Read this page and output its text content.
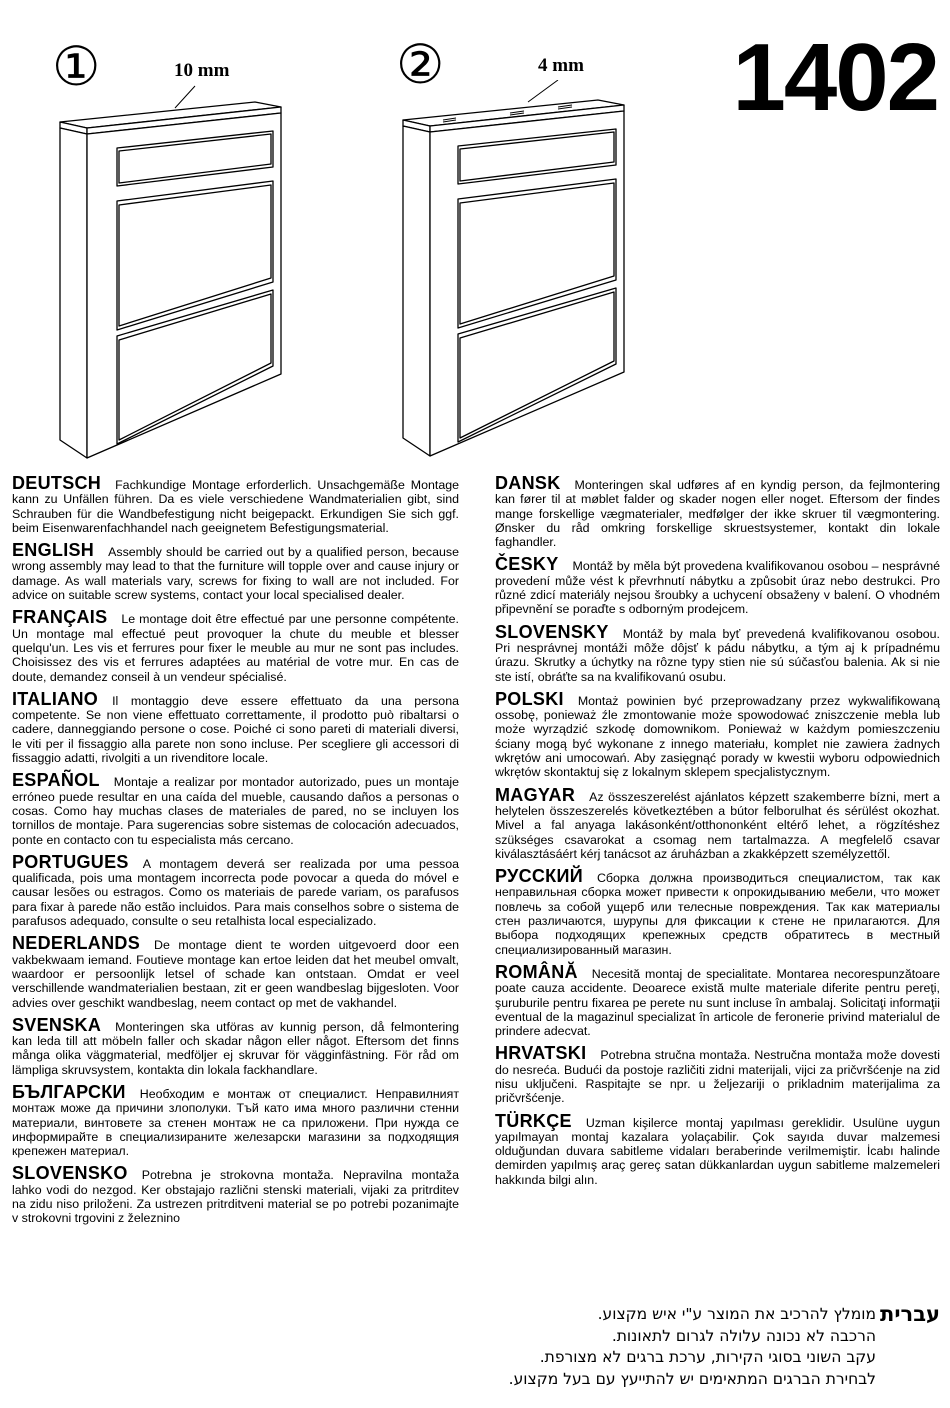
①	10 mm	②	4 mm 1402
DEUTSCH Fachkundige Montage erforderlich. Unsachgemäße Montage kann zu Unfällen führen. Da es viele verschiedene Wandmaterialien gibt, sind Schrauben für die Wandbefestigung nicht beigepackt. Erkundigen Sie sich ggf. beim Eisenwarenfachhandel nach geeignetem Befestigungsmaterial.
ENGLISH Assembly should be carried out by a qualified person, because wrong assembly may lead to that the furniture will topple over and cause injury or damage. As wall materials vary, screws for fixing to wall are not included. For advice on suitable screw systems, contact your local specialised dealer.
FRANÇAIS Le montage doit être effectué par une personne compétente. Un montage mal effectué peut provoquer la chute du meuble et blesser quelqu'un. Les vis et ferrures pour fixer le meuble au mur ne sont pas includes. Choisissez des vis et ferrures adaptées au matérial de votre mur. En cas de doute, demandez conseil à un vendeur spécialisé.
ITALIANO Il montaggio deve essere effettuato da una persona competente. Se non viene effettuato correttamente, il prodotto può ribaltarsi o cadere, danneggiando persone o cose. Poiché ci sono pareti di materiali diversi, le viti per il fissaggio alla parete non sono incluse. Per scegliere gli accessori di fissaggio adatti, rivolgiti a un rivenditore locale.
ESPAÑOL Montaje a realizar por montador autorizado, pues un montaje erróneo puede resultar en una caída del mueble, causando daños a personas o cosas. Como hay muchas clases de materiales de pared, no se incluyen los tornillos de montaje. Para sugerencias sobre sistemas de colocación adecuados, ponte en contacto con tu especialista más cercano.
PORTUGUES A montagem deverá ser realizada por uma pessoa qualificada, pois uma montagem incorrecta pode povocar a queda do móvel e causar lesões ou estragos. Como os materiais de parede variam, os parafusos para fixar à parede não estão incluidos. Para mais conselhos sobre o sistema de parafusos adequado, consulte o seu retalhista local especializado.
NEDERLANDS De montage dient te worden uitgevoerd door een vakbekwaam iemand. Foutieve montage kan ertoe leiden dat het meubel omvalt, waardoor er persoonlijk letsel of schade kan ontstaan. Omdat er veel verschillende wandmaterialien bestaan, zit er geen wandbeslag bijgesloten. Voor advies over geschikt wandbeslag, neem contact op met de vakhandel.
SVENSKA Monteringen ska utföras av kunnig person, då felmontering kan leda till att möbeln faller och skadar någon eller något. Eftersom det finns många olika väggmaterial, medföljer ej skruvar för vägginfästning. För råd om lämpliga skruvsystem, kontakta din lokala fackhandlare.
БЪЛГАРСКИ Необходим е монтаж от специалист. Неправилният монтаж може да причини злополуки. Тъй като има много различни стенни материали, винтовете за стенен монтаж не са приложени. При нужда се информирайте в специализираните железарски магазини за подходящия крепежен материал.
SLOVENSKO Potrebna je strokovna montaža. Nepravilna montaža lahko vodi do nezgod. Ker obstajajo različni stenski materiali, vijaki za pritrditev na zidu niso priloženi. Za ustrezen pritrditveni material se po potrebi pozanimajte v strokovni trgovini z železnino
DANSK Monteringen skal udføres af en kyndig person, da fejlmontering kan fører til at møblet falder og skader nogen eller noget. Eftersom der findes mange forskellige vægmaterialer, medfølger der ikke skruer til vægmontering. Ønsker du råd omkring forskellige skruestsystemer, kontakt din lokale faghandler.
ČESKY Montáž by měla být provedena kvalifikovanou osobou – nesprávné provedení může vést k převrhnutí nábytku a způsobit úraz nebo destrukci. Pro různé zdicí materiály nejsou šroubky a uchycení obsaženy v balení. O vhodném připevnění se poraďte s odborným prodejcem.
SLOVENSKY Montáž by mala byť prevedená kvalifikovanou osobou. Pri nesprávnej montáži môže dôjsť k pádu nábytku, a tým aj k prípadnému úrazu. Skrutky a úchytky na rôzne typy stien nie sú súčasťou balenia. Ak si nie ste istí, obráťte sa na kvalifikovanú osubu.
POLSKI Montaż powinien być przeprowadzany przez wykwalifikowaną ossobę, ponieważ źle zmontowanie może spowodować zniszczenie mebla lub może wyrządzić szkodę domownikom. Ponieważ w każdym pomieszczeniu ściany mogą być wykonane z innego materiału, komplet nie zawiera żadnych wkrętów ani umocowań. Aby zasięgnąć porady w kwestii wyboru odpowiednich wkrętów skontaktuj się z lokalnym sklepem specjalistycznym.
MAGYAR Az összeszerelést ajánlatos képzett szakemberre bízni, mert a helytelen összeszerelés következtében a bútor felborulhat és sérülést okozhat. Mivel a fal anyaga lakásonként/otthononként eltérő lehet, a rögzítéshez szükséges csavarokat a csomag nem tartalmazza. A megfelelő csavar kiválasztásáért kérj tanácsot az áruházban a zkakképzett személyzettől.
РУССКИЙ Сборка должна производиться специалистом, так как неправильная сборка может привести к опрокидыванию мебели, что может повлечь за собой ущерб или телесные повреждения. Так как материалы стен различаются, шурупы для фиксации к стене не прилагаются. Для выбора подходящих крепежных средств обратитесь в местный специализированный магазин.
ROMÂNĂ Necesită montaj de specialitate. Montarea necorespunzătoare poate cauza accidente. Deoarece există multe materiale diferite pentru pereţi, şuruburile pentru fixarea pe perete nu sunt incluse în ambalaj. Solicitaţi informaţii eventual de la magazinul specializat în articole de feronerie privind materialul de prindere adecvat.
HRVATSKI Potrebna stručna montaža. Nestručna montaža može dovesti do nesreća. Budući da postoje različiti zidni materijali, vijci za pričvršćenje na zid nisu uključeni. Raspitajte se npr. u željezariji o prikladnim materijalima za pričvršćenje.
TÜRKÇE Uzman kişilerce montaj yapılması gereklidir. Usulüne uygun yapılmayan montaj kazalara yolaçabilir. Çok sayıda duvar malzemesi olduğundan duvara sabitleme vidaları beraberinde verilmemiştir. İcabı halinde demirden yapılmış araç gereç satan dükkanlardan uygun sabitleme malzemeleri hakkında bilgi alın.
עברית
מומלץ להרכיב את המוצר ע"י איש מקצוע.
הרכבה לא נכונה עלולה לגרום לתאונות.
עקב השוני בסוגי הקירות, ערכת ברגים לא מצורפת.
לבחירת הברגים המתאימים יש להתייעץ עם בעל מקצוע.
